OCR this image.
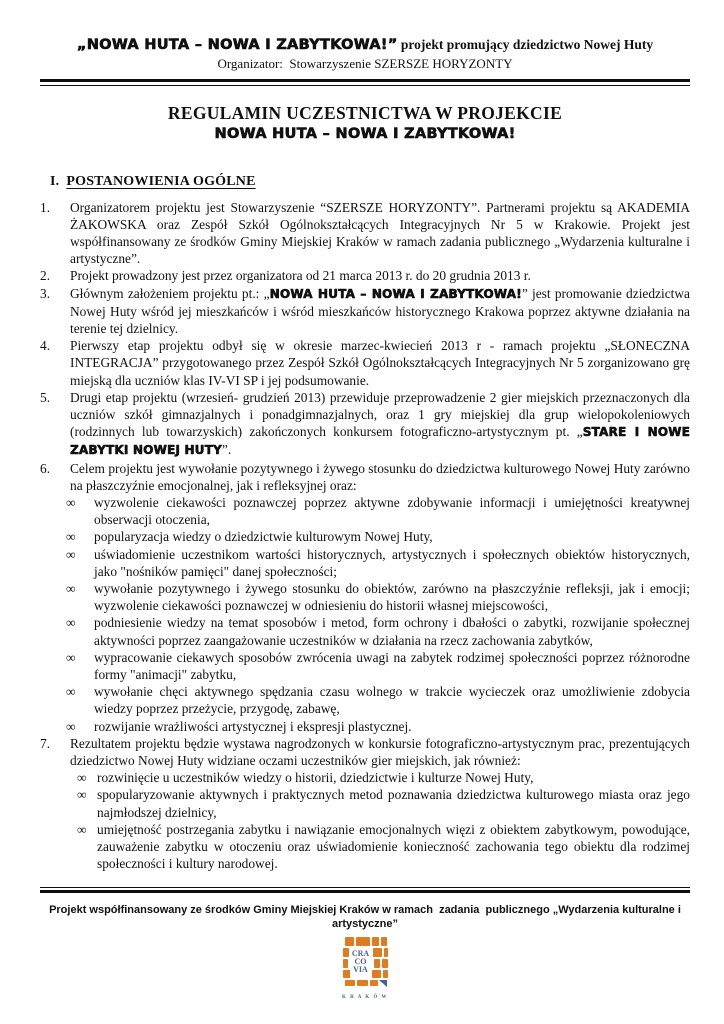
„NOWA HUTA – NOWA I ZABYTKOWA!” projekt promujący dziedzictwo Nowej Huty
Organizator:  Stowarzyszenie SZERSZE HORYZONTY
REGULAMIN UCZESTNICTWA W PROJEKCIE
NOWA HUTA – NOWA I ZABYTKOWA!
I. POSTANOWIENIA OGÓLNE
1.	Organizatorem projektu jest Stowarzyszenie “SZERSZE HORYZONTY”. Partnerami projektu są AKADEMIA ŻAKOWSKA oraz Zespół Szkół Ogólnokształcących Integracyjnych Nr 5 w Krakowie. Projekt jest współfinansowany ze środków Gminy Miejskiej Kraków w ramach zadania publicznego „Wydarzenia kulturalne i artystyczne”.

2.	Projekt prowadzony jest przez organizatora od 21 marca 2013 r. do 20 grudnia 2013 r.

3.	Głównym założeniem projektu pt.: „NOWA HUTA – NOWA I ZABYTKOWA!” jest promowanie dziedzictwa Nowej Huty wśród jej mieszkańców i wśród mieszkańców historycznego Krakowa poprzez aktywne działania na terenie tej dzielnicy.

4.	Pierwszy etap projektu odbył się w okresie marzec-kwiecień 2013 r - ramach projektu „SŁONECZNA INTEGRACJA” przygotowanego przez Zespół Szkół Ogólnokształcących Integracyjnych Nr 5 zorganizowano grę miejską dla uczniów klas IV-VI SP i jej podsumowanie.

5.	Drugi etap projektu (wrzesień- grudzień 2013) przewiduje przeprowadzenie 2 gier miejskich przeznaczonych dla uczniów szkół gimnazjalnych i ponadgimnazjalnych, oraz 1 gry miejskiej dla grup wielopokoleniowych (rodzinnych lub towarzyskich) zakończonych konkursem fotograficzno-artystycznym pt. „STARE I NOWE ZABYTKI NOWEJ HUTY”.

6.	Celem projektu jest wywołanie pozytywnego i żywego stosunku do dziedzictwa kulturowego Nowej Huty zarówno na płaszczyźnie emocjonalnej, jak i refleksyjnej oraz:

∞	wyzwolenie ciekawości poznawczej poprzez aktywne zdobywanie informacji i umiejętności kreatywnej obserwacji otoczenia,
∞	popularyzacja wiedzy o dziedzictwie kulturowym Nowej Huty,
∞	uświadomienie uczestnikom wartości historycznych, artystycznych i społecznych obiektów historycznych, jako "nośników pamięci" danej społeczności;
∞	wywołanie pozytywnego i żywego stosunku do obiektów, zarówno na płaszczyźnie refleksji, jak i emocji; wyzwolenie ciekawości poznawczej w odniesieniu do historii własnej miejscowości,
∞	podniesienie wiedzy na temat sposobów i metod, form ochrony i dbałości o zabytki, rozwijanie społecznej aktywności poprzez zaangażowanie uczestników w działania na rzecz zachowania zabytków,
∞	wypracowanie ciekawych sposobów zwrócenia uwagi na zabytek rodzimej społeczności poprzez różnorodne formy "animacji" zabytku,
∞	wywołanie chęci aktywnego spędzania czasu wolnego w trakcie wycieczek oraz umożliwienie zdobycia wiedzy poprzez przeżycie, przygodę, zabawę,
∞	rozwijanie wrażliwości artystycznej i ekspresji plastycznej.
7.	Rezultatem projektu będzie wystawa nagrodzonych w konkursie fotograficzno-artystycznym prac, prezentujących dziedzictwo Nowej Huty widziane oczami uczestników gier miejskich, jak również:

∞ rozwinięcie u uczestników wiedzy o historii, dziedzictwie i kulturze Nowej Huty,
∞ spopularyzowanie aktywnych i praktycznych metod poznawania dziedzictwa kulturowego miasta oraz jego najmłodszej dzielnicy,
∞ umiejętność postrzegania zabytku i nawiązanie emocjonalnych więzi z obiektem zabytkowym, powodujące, zauważenie zabytku w otoczeniu oraz uświadomienie konieczność zachowania tego obiektu dla rodzimej społeczności i kultury narodowej.
Projekt współfinansowany ze środków Gminy Miejskiej Kraków w ramach  zadania  publicznego „Wydarzenia kulturalne i artystyczne”
CRA
CO
VIA
K R A K Ó W
